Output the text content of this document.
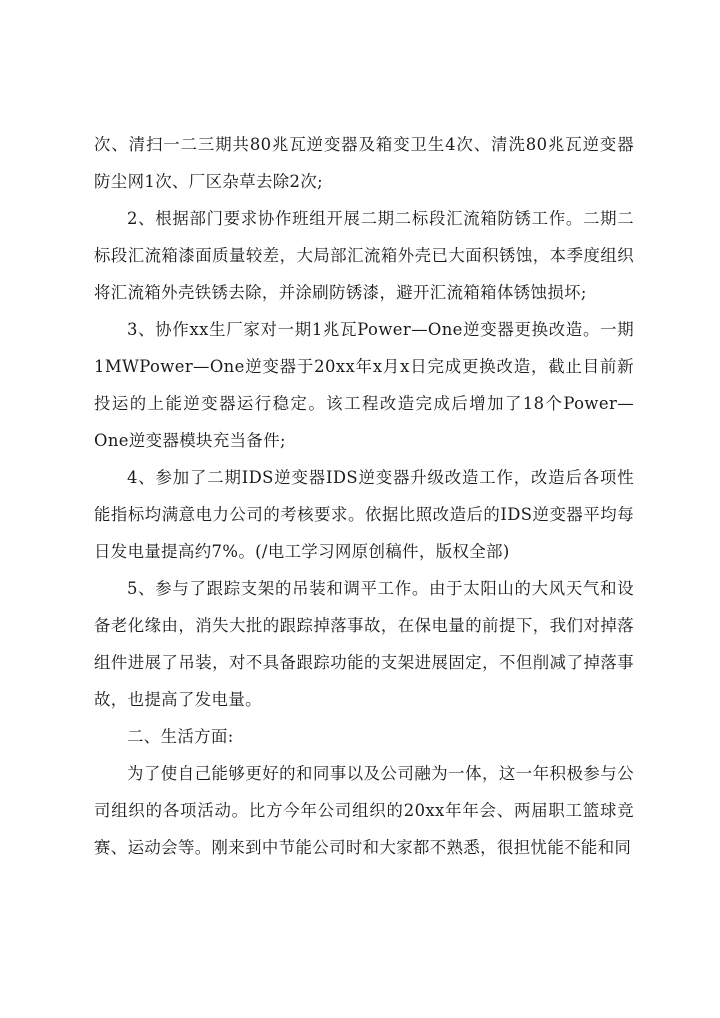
次、清扫一二三期共80兆瓦逆变器及箱变卫生4次、清洗80兆瓦逆变器防尘网1次、厂区杂草去除2次;

2、根据部门要求协作班组开展二期二标段汇流箱防锈工作。二期二标段汇流箱漆面质量较差，大局部汇流箱外壳已大面积锈蚀，本季度组织将汇流箱外壳铁锈去除，并涂刷防锈漆，避开汇流箱箱体锈蚀损坏;

3、协作xx生厂家对一期1兆瓦Power—One逆变器更换改造。一期1MWPower—One逆变器于20xx年x月x日完成更换改造，截止目前新投运的上能逆变器运行稳定。该工程改造完成后增加了18个Power—One逆变器模块充当备件;

4、参加了二期IDS逆变器IDS逆变器升级改造工作，改造后各项性能指标均满意电力公司的考核要求。依据比照改造后的IDS逆变器平均每日发电量提高约7%。(/电工学习网原创稿件，版权全部)

5、参与了跟踪支架的吊装和调平工作。由于太阳山的大风天气和设备老化缘由，消失大批的跟踪掉落事故，在保电量的前提下，我们对掉落组件进展了吊装，对不具备跟踪功能的支架进展固定，不但削减了掉落事故，也提高了发电量。

二、生活方面:

为了使自己能够更好的和同事以及公司融为一体，这一年积极参与公司组织的各项活动。比方今年公司组织的20xx年年会、两届职工篮球竞赛、运动会等。刚来到中节能公司时和大家都不熟悉，很担忧能不能和同
